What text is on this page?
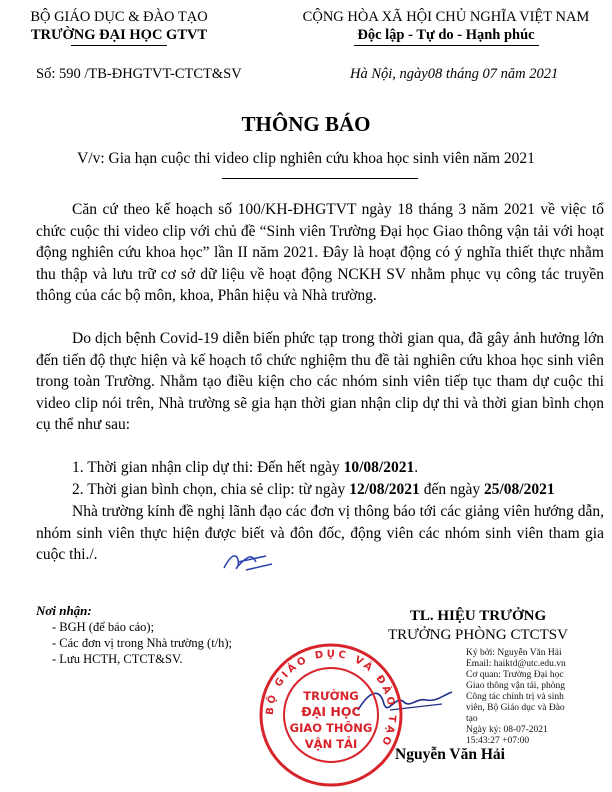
BỘ GIÁO DỤC & ĐÀO TẠO
TRƯỜNG ĐẠI HỌC GTVT
CỘNG HÒA XÃ HỘI CHỦ NGHĨA VIỆT NAM
Độc lập - Tự do - Hạnh phúc
Số: 590 /TB-ĐHGTVT-CTCT&SV	Hà Nội, ngày08 tháng 07 năm 2021
THÔNG BÁO
V/v: Gia hạn cuộc thi video clip nghiên cứu khoa học sinh viên năm 2021
Căn cứ theo kế hoạch số 100/KH-ĐHGTVT ngày 18 tháng 3 năm 2021 về việc tổ chức cuộc thi video clip với chủ đề “Sinh viên Trường Đại học Giao thông vận tải với hoạt động nghiên cứu khoa học” lần II năm 2021. Đây là hoạt động có ý nghĩa thiết thực nhằm thu thập và lưu trữ cơ sở dữ liệu về hoạt động NCKH SV nhằm phục vụ công tác truyền thông của các bộ môn, khoa, Phân hiệu và Nhà trường.
Do dịch bệnh Covid-19 diễn biến phức tạp trong thời gian qua, đã gây ảnh hưởng lớn đến tiến độ thực hiện và kế hoạch tổ chức nghiệm thu đề tài nghiên cứu khoa học sinh viên trong toàn Trường. Nhằm tạo điều kiện cho các nhóm sinh viên tiếp tục tham dự cuộc thi video clip nói trên, Nhà trường sẽ gia hạn thời gian nhận clip dự thi và thời gian bình chọn cụ thể như sau:
1. Thời gian nhận clip dự thi: Đến hết ngày 10/08/2021.
2. Thời gian bình chọn, chia sẻ clip: từ ngày 12/08/2021 đến ngày 25/08/2021
Nhà trường kính đề nghị lãnh đạo các đơn vị thông báo tới các giảng viên hướng dẫn, nhóm sinh viên thực hiện được biết và đôn đốc, động viên các nhóm sinh viên tham gia cuộc thi./.
Nơi nhận:
- BGH (để báo cáo);
- Các đơn vị trong Nhà trường (t/h);
- Lưu HCTH, CTCT&SV.
TL. HIỆU TRƯỞNG
TRƯỞNG PHÒNG CTCTSV
Ký bởi: Nguyễn Văn Hải
Email: haiktd@utc.edu.vn
Cơ quan: Trường Đại học
Giao thông vận tải, phòng
Công tác chính trị và sinh
viên, Bộ Giáo dục và Đào
tạo
Ngày ký: 08-07-2021
15:43:27 +07:00
BỘ GIÁO DỤC VÀ ĐÀO TẠO
TRƯỜNG
ĐẠI HỌC
GIAO THÔNG
VẬN TẢI
Nguyễn Văn Hải
